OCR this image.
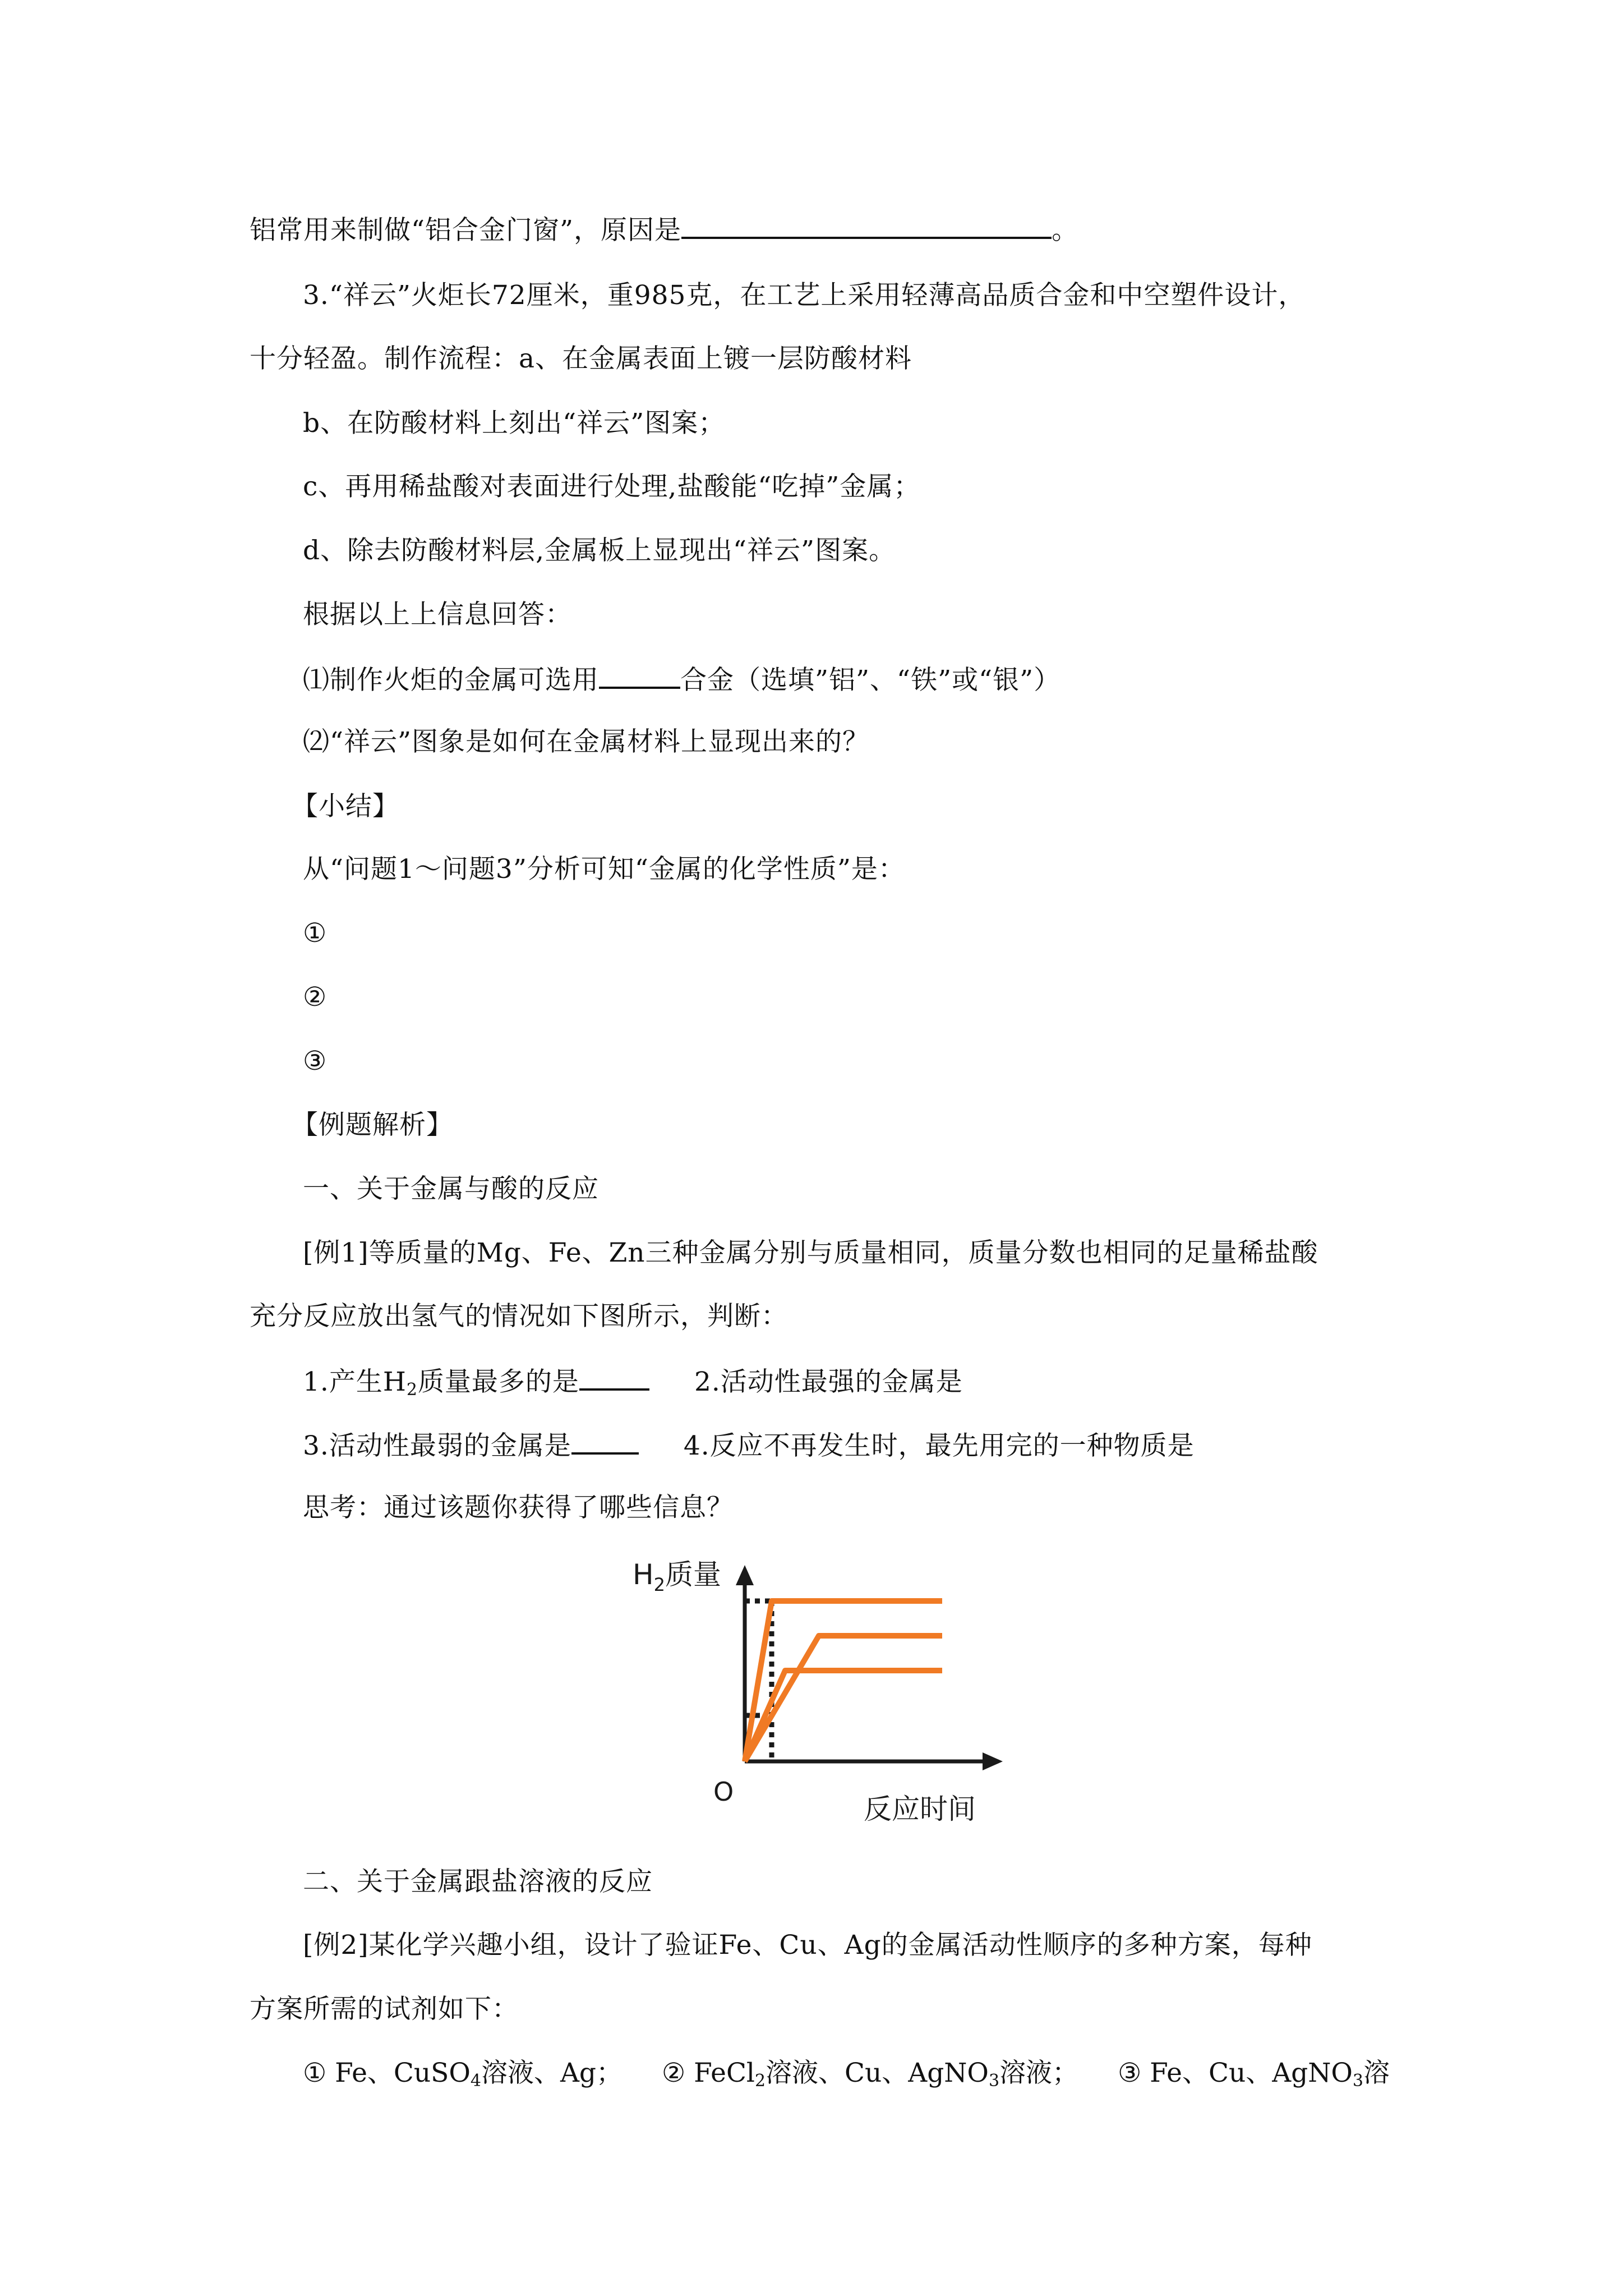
铝常用来制做“铝合金门窗”，原因是	。
3.“祥云”火炬长72厘米，重985克，在工艺上采用轻薄高品质合金和中空塑件设计，
十分轻盈。制作流程：a、在金属表面上镀一层防酸材料
b、在防酸材料上刻出“祥云”图案；
c、再用稀盐酸对表面进行处理,盐酸能“吃掉”金属；
d、除去防酸材料层,金属板上显现出“祥云”图案。
根据以上上信息回答：
⑴制作火炬的金属可选用	合金（选填”铝”、“铁”或“银”）
⑵“祥云”图象是如何在金属材料上显现出来的？
【小结】
从“问题1～问题3”分析可知“金属的化学性质”是：
①
②
③
【例题解析】
一、关于金属与酸的反应
[例1]等质量的Mg、Fe、Zn三种金属分别与质量相同，质量分数也相同的足量稀盐酸
充分反应放出氢气的情况如下图所示，判断：
1.产生$H_2$质量最多的是	2.活动性最强的金属是
3.活动性最弱的金属是	4.反应不再发生时，最先用完的一种物质是
思考：通过该题你获得了哪些信息？
$H_2$质量
O
反应时间
二、关于金属跟盐溶液的反应
[例2]某化学兴趣小组，设计了验证Fe、Cu、Ag的金属活动性顺序的多种方案，每种
方案所需的试剂如下：
① Fe、CuSO$_4$溶液、Ag； ② FeCl$_2$溶液、Cu、AgNO$_3$溶液； ③ Fe、Cu、AgNO$_3$溶
